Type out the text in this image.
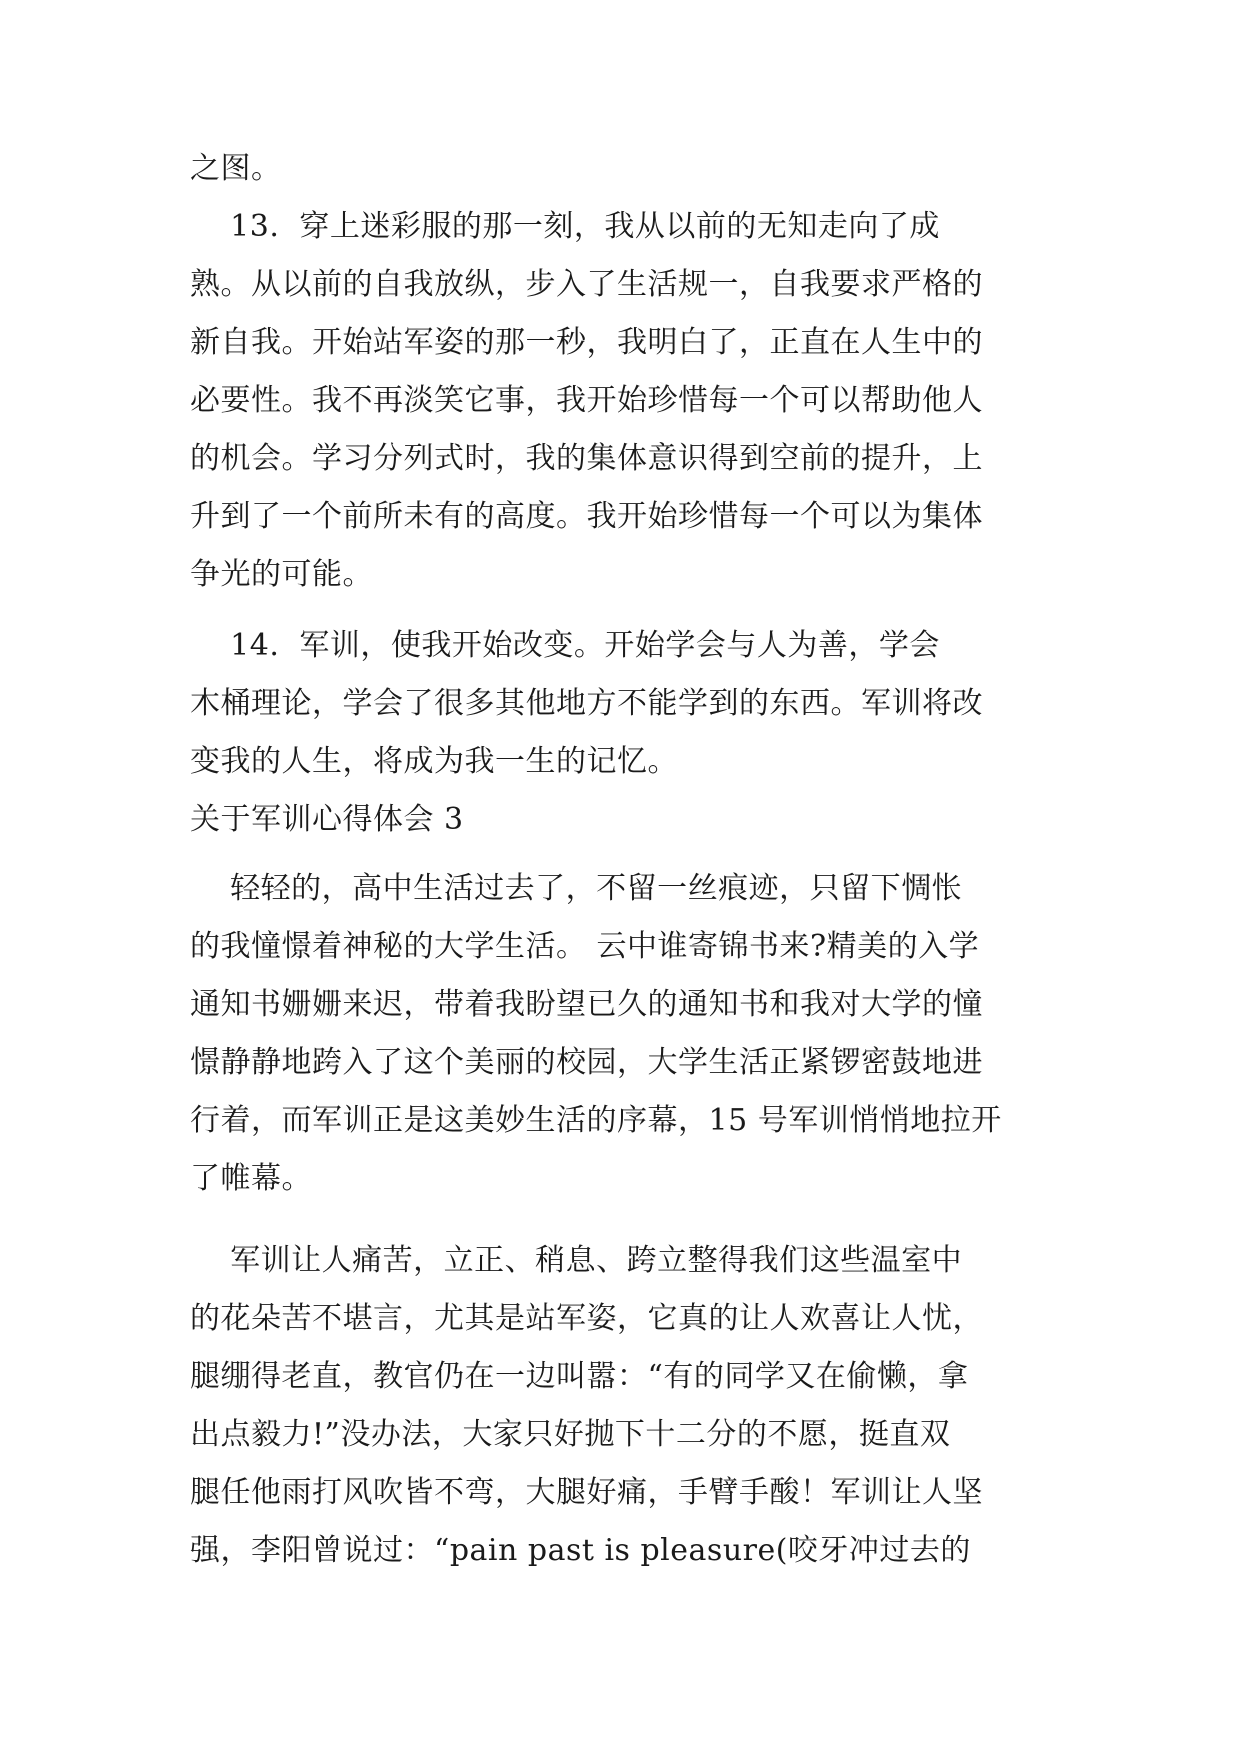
之图。
13.  穿上迷彩服的那一刻，我从以前的无知走向了成
熟。从以前的自我放纵，步入了生活规一，自我要求严格的
新自我。开始站军姿的那一秒，我明白了，正直在人生中的
必要性。我不再淡笑它事，我开始珍惜每一个可以帮助他人
的机会。学习分列式时，我的集体意识得到空前的提升，上
升到了一个前所未有的高度。我开始珍惜每一个可以为集体
争光的可能。
14.  军训，使我开始改变。开始学会与人为善，学会
木桶理论，学会了很多其他地方不能学到的东西。军训将改
变我的人生，将成为我一生的记忆。
关于军训心得体会 3
轻轻的，高中生活过去了，不留一丝痕迹，只留下惆怅
的我憧憬着神秘的大学生活。 云中谁寄锦书来?精美的入学
通知书姗姗来迟，带着我盼望已久的通知书和我对大学的憧
憬静静地跨入了这个美丽的校园，大学生活正紧锣密鼓地进
行着，而军训正是这美妙生活的序幕，15 号军训悄悄地拉开
了帷幕。
军训让人痛苦，立正、稍息、跨立整得我们这些温室中
的花朵苦不堪言，尤其是站军姿，它真的让人欢喜让人忧，
腿绷得老直，教官仍在一边叫嚣：“有的同学又在偷懒，拿
出点毅力!”没办法，大家只好抛下十二分的不愿，挺直双
腿任他雨打风吹皆不弯，大腿好痛，手臂手酸！军训让人坚
强，李阳曾说过：“pain past is pleasure(咬牙冲过去的
